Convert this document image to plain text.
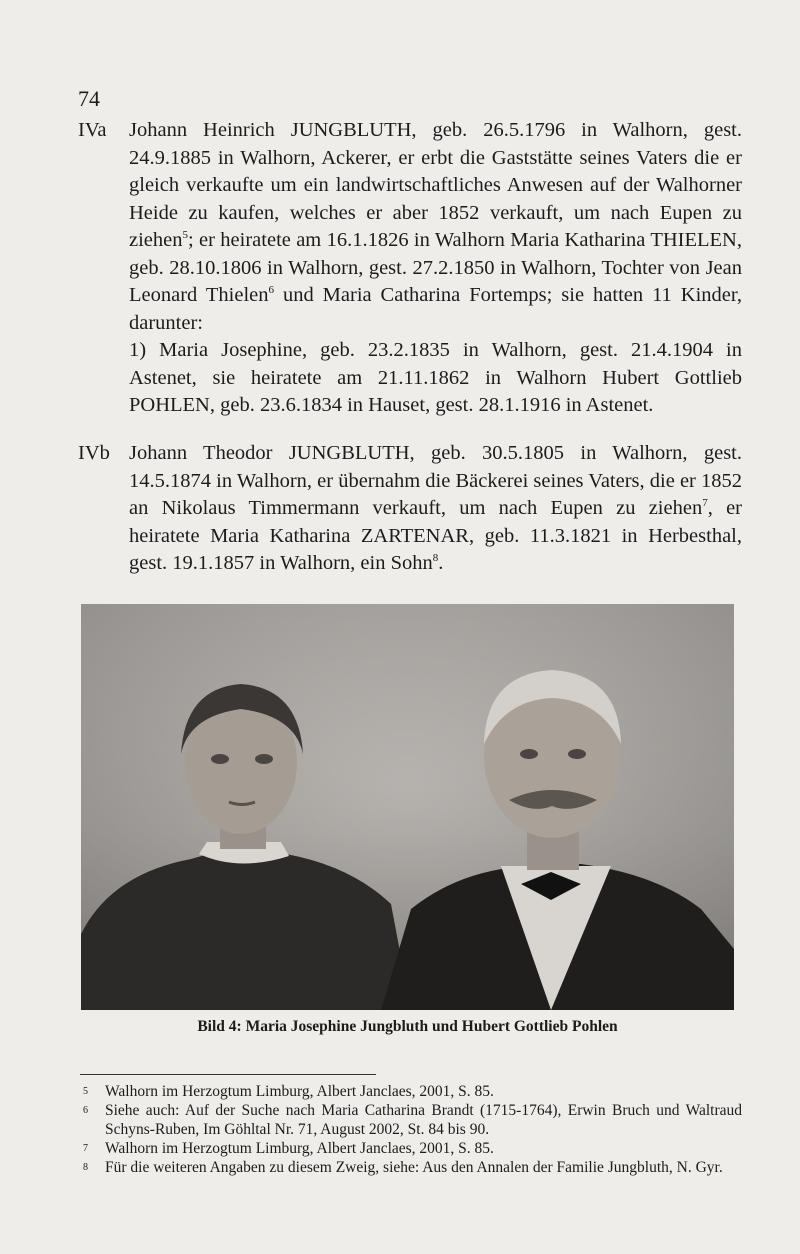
74
IVa	Johann Heinrich JUNGBLUTH, geb. 26.5.1796 in Walhorn, gest. 24.9.1885 in Walhorn, Ackerer, er erbt die Gaststätte seines Vaters die er gleich verkaufte um ein landwirtschaftliches Anwesen auf der Walhorner Heide zu kaufen, welches er aber 1852 verkauft, um nach Eupen zu ziehen$^5$; er heiratete am 16.1.1826 in Walhorn Maria Katharina THIELEN, geb. 28.10.1806 in Walhorn, gest. 27.2.1850 in Walhorn, Tochter von Jean Leonard Thielen$^6$ und Maria Catharina Fortemps; sie hatten 11 Kinder, darunter:

1) Maria Josephine, geb. 23.2.1835 in Walhorn, gest. 21.4.1904 in Astenet, sie heiratete am 21.11.1862 in Walhorn Hubert Gottlieb POHLEN, geb. 23.6.1834 in Hauset, gest. 28.1.1916 in Astenet.

IVb Johann Theodor JUNGBLUTH, geb. 30.5.1805 in Walhorn, gest. 14.5.1874 in Walhorn, er übernahm die Bäckerei seines Vaters, die er 1852 an Nikolaus Timmermann verkauft, um nach Eupen zu ziehen$^7$, er heiratete Maria Katharina ZARTENAR, geb. 11.3.1821 in Herbesthal, gest. 19.1.1857 in Walhorn, ein Sohn$^8$.

Bild 4: Maria Josephine Jungbluth und Hubert Gottlieb Pohlen
5 Walhorn im Herzogtum Limburg, Albert Janclaes, 2001, S. 85.
6 Siehe auch: Auf der Suche nach Maria Catharina Brandt (1715-1764), Erwin Bruch und Waltraud Schyns-Ruben, Im Göhltal Nr. 71, August 2002, St. 84 bis 90.
7 Walhorn im Herzogtum Limburg, Albert Janclaes, 2001, S. 85.
8 Für die weiteren Angaben zu diesem Zweig, siehe: Aus den Annalen der Familie Jungbluth, N. Gyr.
